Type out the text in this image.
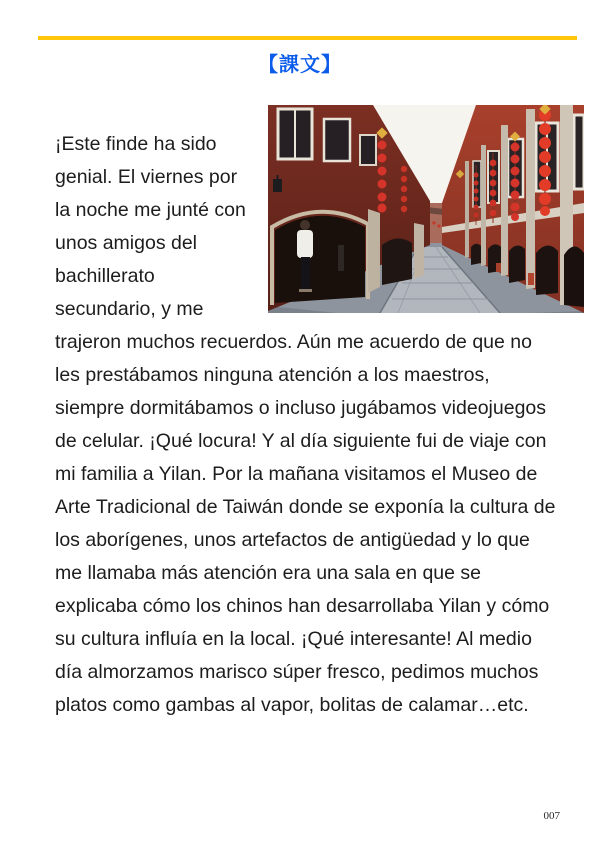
【課文】

¡Este finde ha sido genial. El viernes por la noche me junté con unos amigos del bachillerato secundario, y me trajeron muchos recuerdos. Aún me acuerdo de que no les prestábamos ninguna atención a los maestros, siempre dormitábamos o incluso jugábamos videojuegos de celular. ¡Qué locura! Y al día siguiente fui de viaje con mi familia a Yilan. Por la mañana visitamos el Museo de Arte Tradicional de Taiwán donde se exponía la cultura de los aborígenes, unos artefactos de antigüedad y lo que me llamaba más atención era una sala en que se explicaba cómo los chinos han desarrollaba Yilan y cómo su cultura influía en la local. ¡Qué interesante! Al medio día almorzamos marisco súper fresco, pedimos muchos platos como gambas al vapor, bolitas de calamar…etc.

007
